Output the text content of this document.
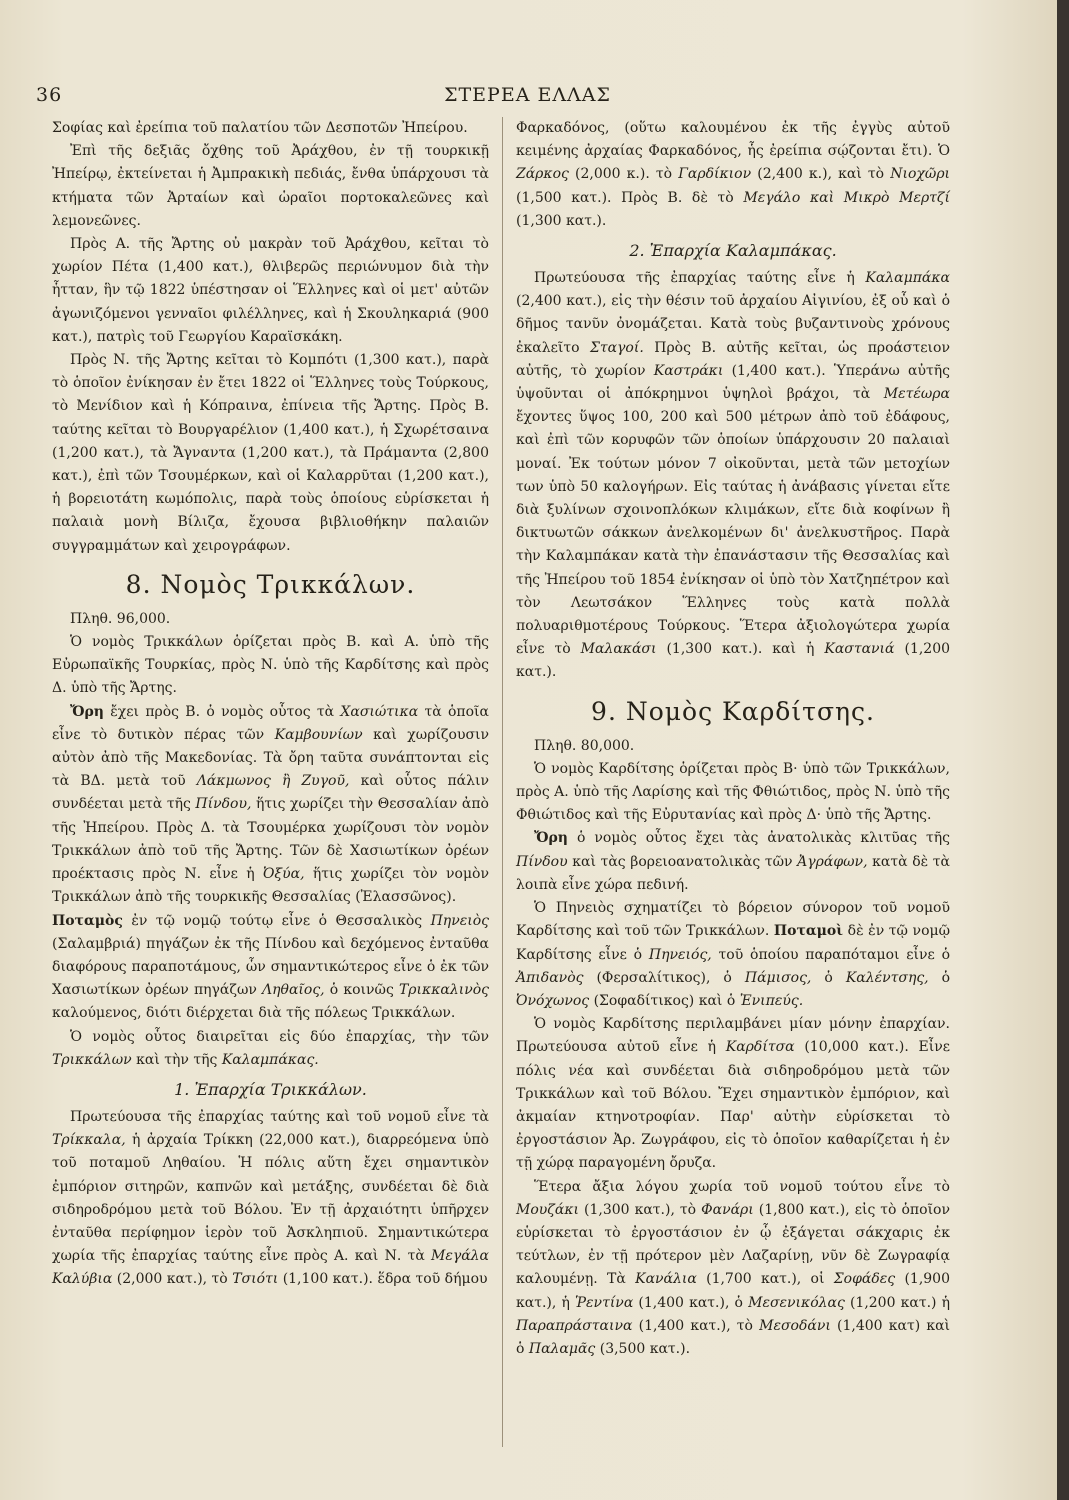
36	ΣΤΕΡΕΑ ΕΛΛΑΣ

Σοφίας καὶ ἐρείπια τοῦ παλατίου τῶν Δεσποτῶν Ἠπείρου.

Ἐπὶ τῆς δεξιᾶς ὄχθης τοῦ Ἀράχθου, ἐν τῇ τουρκικῇ Ἠπείρῳ, ἐκτείνεται ἡ Ἀμπρακικὴ πεδιάς, ἔνθα ὑπάρχουσι τὰ κτήματα τῶν Ἀρταίων καὶ ὡραῖοι πορτοκαλεῶνες καὶ λεμονεῶνες.

Πρὸς Α. τῆς Ἄρτης οὐ μακρὰν τοῦ Ἀράχθου, κεῖται τὸ χωρίον Πέτα (1,400 κατ.), θλιβερῶς περιώνυμον διὰ τὴν ἧτταν, ἣν τῷ 1822 ὑπέστησαν οἱ Ἕλληνες καὶ οἱ μετ' αὐτῶν ἀγωνιζόμενοι γενναῖοι φιλέλληνες, καὶ ἡ Σκουληκαριά (900 κατ.), πατρὶς τοῦ Γεωργίου Καραϊσκάκη.

Πρὸς Ν. τῆς Ἄρτης κεῖται τὸ Κομπότι (1,300 κατ.), παρὰ τὸ ὁποῖον ἐνίκησαν ἐν ἔτει 1822 οἱ Ἕλληνες τοὺς Τούρκους, τὸ Μενίδιον καὶ ἡ Κόπραινα, ἐπίνεια τῆς Ἄρτης. Πρὸς Β. ταύτης κεῖται τὸ Βουργαρέλιον (1,400 κατ.), ἡ Σχωρέτσαινα (1,200 κατ.), τὰ Ἄγναντα (1,200 κατ.), τὰ Πράμαντα (2,800 κατ.), ἐπὶ τῶν Τσουμέρκων, καὶ οἱ Καλαρρῦται (1,200 κατ.), ἡ βορειοτάτη κωμόπολις, παρὰ τοὺς ὁποίους εὑρίσκεται ἡ παλαιὰ μονὴ Βίλιζα, ἔχουσα βιβλιοθήκην παλαιῶν συγγραμμάτων καὶ χειρογράφων.

8. Νομὸς Τρικκάλων.

Πληθ. 96,000.

Ὁ νομὸς Τρικκάλων ὁρίζεται πρὸς Β. καὶ Α. ὑπὸ τῆς Εὐρωπαϊκῆς Τουρκίας, πρὸς Ν. ὑπὸ τῆς Καρδίτσης καὶ πρὸς Δ. ὑπὸ τῆς Ἄρτης.

Ὄρη ἔχει πρὸς Β. ὁ νομὸς οὗτος τὰ Χασιώτικα τὰ ὁποῖα εἶνε τὸ δυτικὸν πέρας τῶν Καμβουνίων καὶ χωρίζουσιν αὐτὸν ἀπὸ τῆς Μακεδονίας. Τὰ ὄρη ταῦτα συνάπτονται εἰς τὰ ΒΔ. μετὰ τοῦ Λάκμωνος ἢ Ζυγοῦ, καὶ οὗτος πάλιν συνδέεται μετὰ τῆς Πίνδου, ἥτις χωρίζει τὴν Θεσσαλίαν ἀπὸ τῆς Ἠπείρου. Πρὸς Δ. τὰ Τσουμέρκα χωρίζουσι τὸν νομὸν Τρικκάλων ἀπὸ τοῦ τῆς Ἄρτης. Τῶν δὲ Χασιωτίκων ὀρέων προέκτασις πρὸς Ν. εἶνε ἡ Ὀξύα, ἥτις χωρίζει τὸν νομὸν Τρικκάλων ἀπὸ τῆς τουρκικῆς Θεσσαλίας (Ἐλασσῶνος).

Ποταμὸς ἐν τῷ νομῷ τούτῳ εἶνε ὁ Θεσσαλικὸς Πηνειὸς (Σαλαμβριά) πηγάζων ἐκ τῆς Πίνδου καὶ δεχόμενος ἐνταῦθα διαφόρους παραποτάμους, ὧν σημαντικώτερος εἶνε ὁ ἐκ τῶν Χασιωτίκων ὀρέων πηγάζων Ληθαῖος, ὁ κοινῶς Τρικκαλινὸς καλούμενος, διότι διέρχεται διὰ τῆς πόλεως Τρικκάλων.

Ὁ νομὸς οὗτος διαιρεῖται εἰς δύο ἐπαρχίας, τὴν τῶν Τρικκάλων καὶ τὴν τῆς Καλαμπάκας.

1. Ἐπαρχία Τρικκάλων.

Πρωτεύουσα τῆς ἐπαρχίας ταύτης καὶ τοῦ νομοῦ εἶνε τὰ Τρίκκαλα, ἡ ἀρχαία Τρίκκη (22,000 κατ.), διαρρεόμενα ὑπὸ τοῦ ποταμοῦ Ληθαίου. Ἡ πόλις αὕτη ἔχει σημαντικὸν ἐμπόριον σιτηρῶν, καπνῶν καὶ μετάξης, συνδέεται δὲ διὰ σιδηροδρόμου μετὰ τοῦ Βόλου. Ἐν τῇ ἀρχαιότητι ὑπῆρχεν ἐνταῦθα περίφημον ἱερὸν τοῦ Ἀσκληπιοῦ. Σημαντικώτερα χωρία τῆς ἐπαρχίας ταύτης εἶνε πρὸς Α. καὶ Ν. τὰ Μεγάλα Καλύβια (2,000 κατ.), τὸ Τσιότι (1,100 κατ.). ἕδρα τοῦ δήμου

Φαρκαδόνος, (οὕτω καλουμένου ἐκ τῆς ἐγγὺς αὐτοῦ κειμένης ἀρχαίας Φαρκαδόνος, ἧς ἐρείπια σῴζονται ἔτι). Ὁ Ζάρκος (2,000 κ.). τὸ Γαρδίκιον (2,400 κ.), καὶ τὸ Νιοχῶρι (1,500 κατ.). Πρὸς Β. δὲ τὸ Μεγάλο καὶ Μικρὸ Μερτζί (1,300 κατ.).

2. Ἐπαρχία Καλαμπάκας.

Πρωτεύουσα τῆς ἐπαρχίας ταύτης εἶνε ἡ Καλαμπάκα (2,400 κατ.), εἰς τὴν θέσιν τοῦ ἀρχαίου Αἰγινίου, ἐξ οὗ καὶ ὁ δῆμος τανῦν ὀνομάζεται. Κατὰ τοὺς βυζαντινοὺς χρόνους ἐκαλεῖτο Σταγοί. Πρὸς Β. αὐτῆς κεῖται, ὡς προάστειον αὐτῆς, τὸ χωρίον Καστράκι (1,400 κατ.). Ὑπεράνω αὐτῆς ὑψοῦνται οἱ ἀπόκρημνοι ὑψηλοὶ βράχοι, τὰ Μετέωρα ἔχοντες ὕψος 100, 200 καὶ 500 μέτρων ἀπὸ τοῦ ἐδάφους, καὶ ἐπὶ τῶν κορυφῶν τῶν ὁποίων ὑπάρχουσιν 20 παλαιαὶ μοναί. Ἐκ τούτων μόνον 7 οἰκοῦνται, μετὰ τῶν μετοχίων των ὑπὸ 50 καλογήρων. Εἰς ταύτας ἡ ἀνάβασις γίνεται εἴτε διὰ ξυλίνων σχοινοπλόκων κλιμάκων, εἴτε διὰ κοφίνων ἢ δικτυωτῶν σάκκων ἀνελκομένων δι' ἀνελκυστῆρος. Παρὰ τὴν Καλαμπάκαν κατὰ τὴν ἐπανάστασιν τῆς Θεσσαλίας καὶ τῆς Ἠπείρου τοῦ 1854 ἐνίκησαν οἱ ὑπὸ τὸν Χατζηπέτρον καὶ τὸν Λεωτσάκον Ἕλληνες τοὺς κατὰ πολλὰ πολυαριθμοτέρους Τούρκους. Ἕτερα ἀξιολογώτερα χωρία εἶνε τὸ Μαλακάσι (1,300 κατ.). καὶ ἡ Καστανιά (1,200 κατ.).

9. Νομὸς Καρδίτσης.

Πληθ. 80,000.

Ὁ νομὸς Καρδίτσης ὁρίζεται πρὸς Β· ὑπὸ τῶν Τρικκάλων, πρὸς Α. ὑπὸ τῆς Λαρίσης καὶ τῆς Φθιώτιδος, πρὸς Ν. ὑπὸ τῆς Φθιώτιδος καὶ τῆς Εὐρυτανίας καὶ πρὸς Δ· ὑπὸ τῆς Ἄρτης.

Ὄρη ὁ νομὸς οὗτος ἔχει τὰς ἀνατολικὰς κλιτῦας τῆς Πίνδου καὶ τὰς βορειοανατολικὰς τῶν Ἀγράφων, κατὰ δὲ τὰ λοιπὰ εἶνε χώρα πεδινή.

Ὁ Πηνειὸς σχηματίζει τὸ βόρειον σύνορον τοῦ νομοῦ Καρδίτσης καὶ τοῦ τῶν Τρικκάλων. Ποταμοὶ δὲ ἐν τῷ νομῷ Καρδίτσης εἶνε ὁ Πηνειός, τοῦ ὁποίου παραπόταμοι εἶνε ὁ Ἀπιδανὸς (Φερσαλίτικος), ὁ Πάμισος, ὁ Καλέντσης, ὁ Ὀνόχωνος (Σοφαδίτικος) καὶ ὁ Ἐνιπεύς.

Ὁ νομὸς Καρδίτσης περιλαμβάνει μίαν μόνην ἐπαρχίαν. Πρωτεύουσα αὐτοῦ εἶνε ἡ Καρδίτσα (10,000 κατ.). Εἶνε πόλις νέα καὶ συνδέεται διὰ σιδηροδρόμου μετὰ τῶν Τρικκάλων καὶ τοῦ Βόλου. Ἔχει σημαντικὸν ἐμπόριον, καὶ ἀκμαίαν κτηνοτροφίαν. Παρ' αὐτὴν εὑρίσκεται τὸ ἐργοστάσιον Ἀρ. Ζωγράφου, εἰς τὸ ὁποῖον καθαρίζεται ἡ ἐν τῇ χώρᾳ παραγομένη ὄρυζα.

Ἕτερα ἄξια λόγου χωρία τοῦ νομοῦ τούτου εἶνε τὸ Μουζάκι (1,300 κατ.), τὸ Φανάρι (1,800 κατ.), εἰς τὸ ὁποῖον εὑρίσκεται τὸ ἐργοστάσιον ἐν ᾧ ἐξάγεται σάκχαρις ἐκ τεύτλων, ἐν τῇ πρότερον μὲν Λαζαρίνῃ, νῦν δὲ Ζωγραφίᾳ καλουμένῃ. Τὰ Κανάλια (1,700 κατ.), οἱ Σοφάδες (1,900 κατ.), ἡ Ῥεντίνα (1,400 κατ.), ὁ Μεσενικόλας (1,200 κατ.) ἡ Παραπράσταινα (1,400 κατ.), τὸ Μεσοδάνι (1,400 κατ) καὶ ὁ Παλαμᾶς (3,500 κατ.).
